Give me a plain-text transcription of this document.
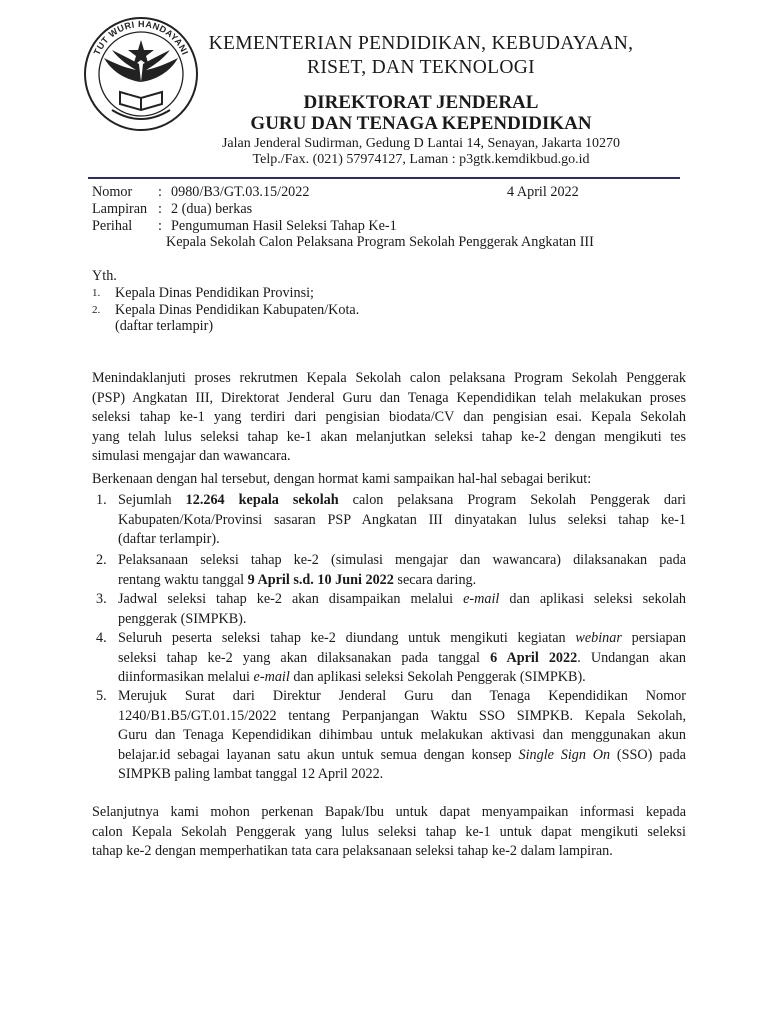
TUT WURI HANDAYANI KEMENTERIAN PENDIDIKAN, KEBUDAYAAN,
RISET, DAN TEKNOLOGI
DIREKTORAT JENDERAL
GURU DAN TENAGA KEPENDIDIKAN
Jalan Jenderal Sudirman, Gedung D Lantai 14, Senayan, Jakarta 10270
Telp./Fax. (021) 57974127, Laman : p3gtk.kemdikbud.go.id
Nomor : 0980/B3/GT.03.15/2022	4 April 2022
Lampiran : 2 (dua) berkas
Perihal : Pengumuman Hasil Seleksi Tahap Ke-1
Kepala Sekolah Calon Pelaksana Program Sekolah Penggerak Angkatan III
Yth.
1. Kepala Dinas Pendidikan Provinsi;
2. Kepala Dinas Pendidikan Kabupaten/Kota.
(daftar terlampir)
Menindaklanjuti proses rekrutmen Kepala Sekolah calon pelaksana Program Sekolah Penggerak
(PSP) Angkatan III, Direktorat Jenderal Guru dan Tenaga Kependidikan telah melakukan proses
seleksi tahap ke-1 yang terdiri dari pengisian biodata/CV dan pengisian esai. Kepala Sekolah
yang telah lulus seleksi tahap ke-1 akan melanjutkan seleksi tahap ke-2 dengan mengikuti tes
simulasi mengajar dan wawancara.
Berkenaan dengan hal tersebut, dengan hormat kami sampaikan hal-hal sebagai berikut:
1. Sejumlah 12.264 kepala sekolah calon pelaksana Program Sekolah Penggerak dari
Kabupaten/Kota/Provinsi sasaran PSP Angkatan III dinyatakan lulus seleksi tahap ke-1
(daftar terlampir).
2. Pelaksanaan seleksi tahap ke-2 (simulasi mengajar dan wawancara) dilaksanakan pada
rentang waktu tanggal 9 April s.d. 10 Juni 2022 secara daring.
3. Jadwal seleksi tahap ke-2 akan disampaikan melalui e-mail dan aplikasi seleksi sekolah
penggerak (SIMPKB).
4. Seluruh peserta seleksi tahap ke-2 diundang untuk mengikuti kegiatan webinar persiapan
seleksi tahap ke-2 yang akan dilaksanakan pada tanggal 6 April 2022. Undangan akan
diinformasikan melalui e-mail dan aplikasi seleksi Sekolah Penggerak (SIMPKB).
5. Merujuk Surat dari Direktur Jenderal Guru dan Tenaga Kependidikan Nomor
1240/B1.B5/GT.01.15/2022 tentang Perpanjangan Waktu SSO SIMPKB. Kepala Sekolah,
Guru dan Tenaga Kependidikan dihimbau untuk melakukan aktivasi dan menggunakan akun
belajar.id sebagai layanan satu akun untuk semua dengan konsep Single Sign On (SSO) pada
SIMPKB paling lambat tanggal 12 April 2022.
Selanjutnya kami mohon perkenan Bapak/Ibu untuk dapat menyampaikan informasi kepada
calon Kepala Sekolah Penggerak yang lulus seleksi tahap ke-1 untuk dapat mengikuti seleksi
tahap ke-2 dengan memperhatikan tata cara pelaksanaan seleksi tahap ke-2 dalam lampiran.
